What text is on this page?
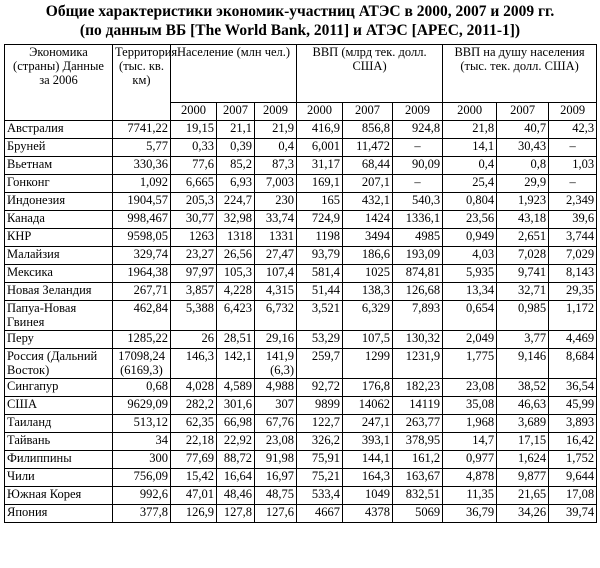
Общие характеристики экономик-участниц АТЭС в 2000, 2007 и 2009 гг.
(по данным ВБ [The World Bank, 2011] и АТЭС [APEC, 2011-1])
Экономика (страны) Данные за 2006	Территория (тыс. кв. км)	Население (млн чел.)			ВВП (млрд тек. долл. США)			ВВП на душу населения (тыс. тек. долл. США)		
		2000	2007	2009	2000	2007	2009	2000	2007	2009
Австралия	7741,22	19,15	21,1	21,9	416,9	856,8	924,8	21,8	40,7	42,3
Бруней	5,77	0,33	0,39	0,4	6,001	11,472	–	14,1	30,43	–
Вьетнам	330,36	77,6	85,2	87,3	31,17	68,44	90,09	0,4	0,8	1,03
Гонконг	1,092	6,665	6,93	7,003	169,1	207,1	–	25,4	29,9	–
Индонезия	1904,57	205,3	224,7	230	165	432,1	540,3	0,804	1,923	2,349
Канада	998,467	30,77	32,98	33,74	724,9	1424	1336,1	23,56	43,18	39,6
КНР	9598,05	1263	1318	1331	1198	3494	4985	0,949	2,651	3,744
Малайзия	329,74	23,27	26,56	27,47	93,79	186,6	193,09	4,03	7,028	7,029
Мексика	1964,38	97,97	105,3	107,4	581,4	1025	874,81	5,935	9,741	8,143
Новая Зеландия	267,71	3,857	4,228	4,315	51,44	138,3	126,68	13,34	32,71	29,35
Папуа-Новая Гвинея	462,84	5,388	6,423	6,732	3,521	6,329	7,893	0,654	0,985	1,172
Перу	1285,22	26	28,51	29,16	53,29	107,5	130,32	2,049	3,77	4,469
Россия (Дальний Восток)	17098,24 (6169,3)	146,3	142,1	141,9 (6,3)	259,7	1299	1231,9	1,775	9,146	8,684
Сингапур	0,68	4,028	4,589	4,988	92,72	176,8	182,23	23,08	38,52	36,54
США	9629,09	282,2	301,6	307	9899	14062	14119	35,08	46,63	45,99
Таиланд	513,12	62,35	66,98	67,76	122,7	247,1	263,77	1,968	3,689	3,893
Тайвань	34	22,18	22,92	23,08	326,2	393,1	378,95	14,7	17,15	16,42
Филиппины	300	77,69	88,72	91,98	75,91	144,1	161,2	0,977	1,624	1,752
Чили	756,09	15,42	16,64	16,97	75,21	164,3	163,67	4,878	9,877	9,644
Южная Корея	992,6	47,01	48,46	48,75	533,4	1049	832,51	11,35	21,65	17,08
Япония	377,8	126,9	127,8	127,6	4667	4378	5069	36,79	34,26	39,74
